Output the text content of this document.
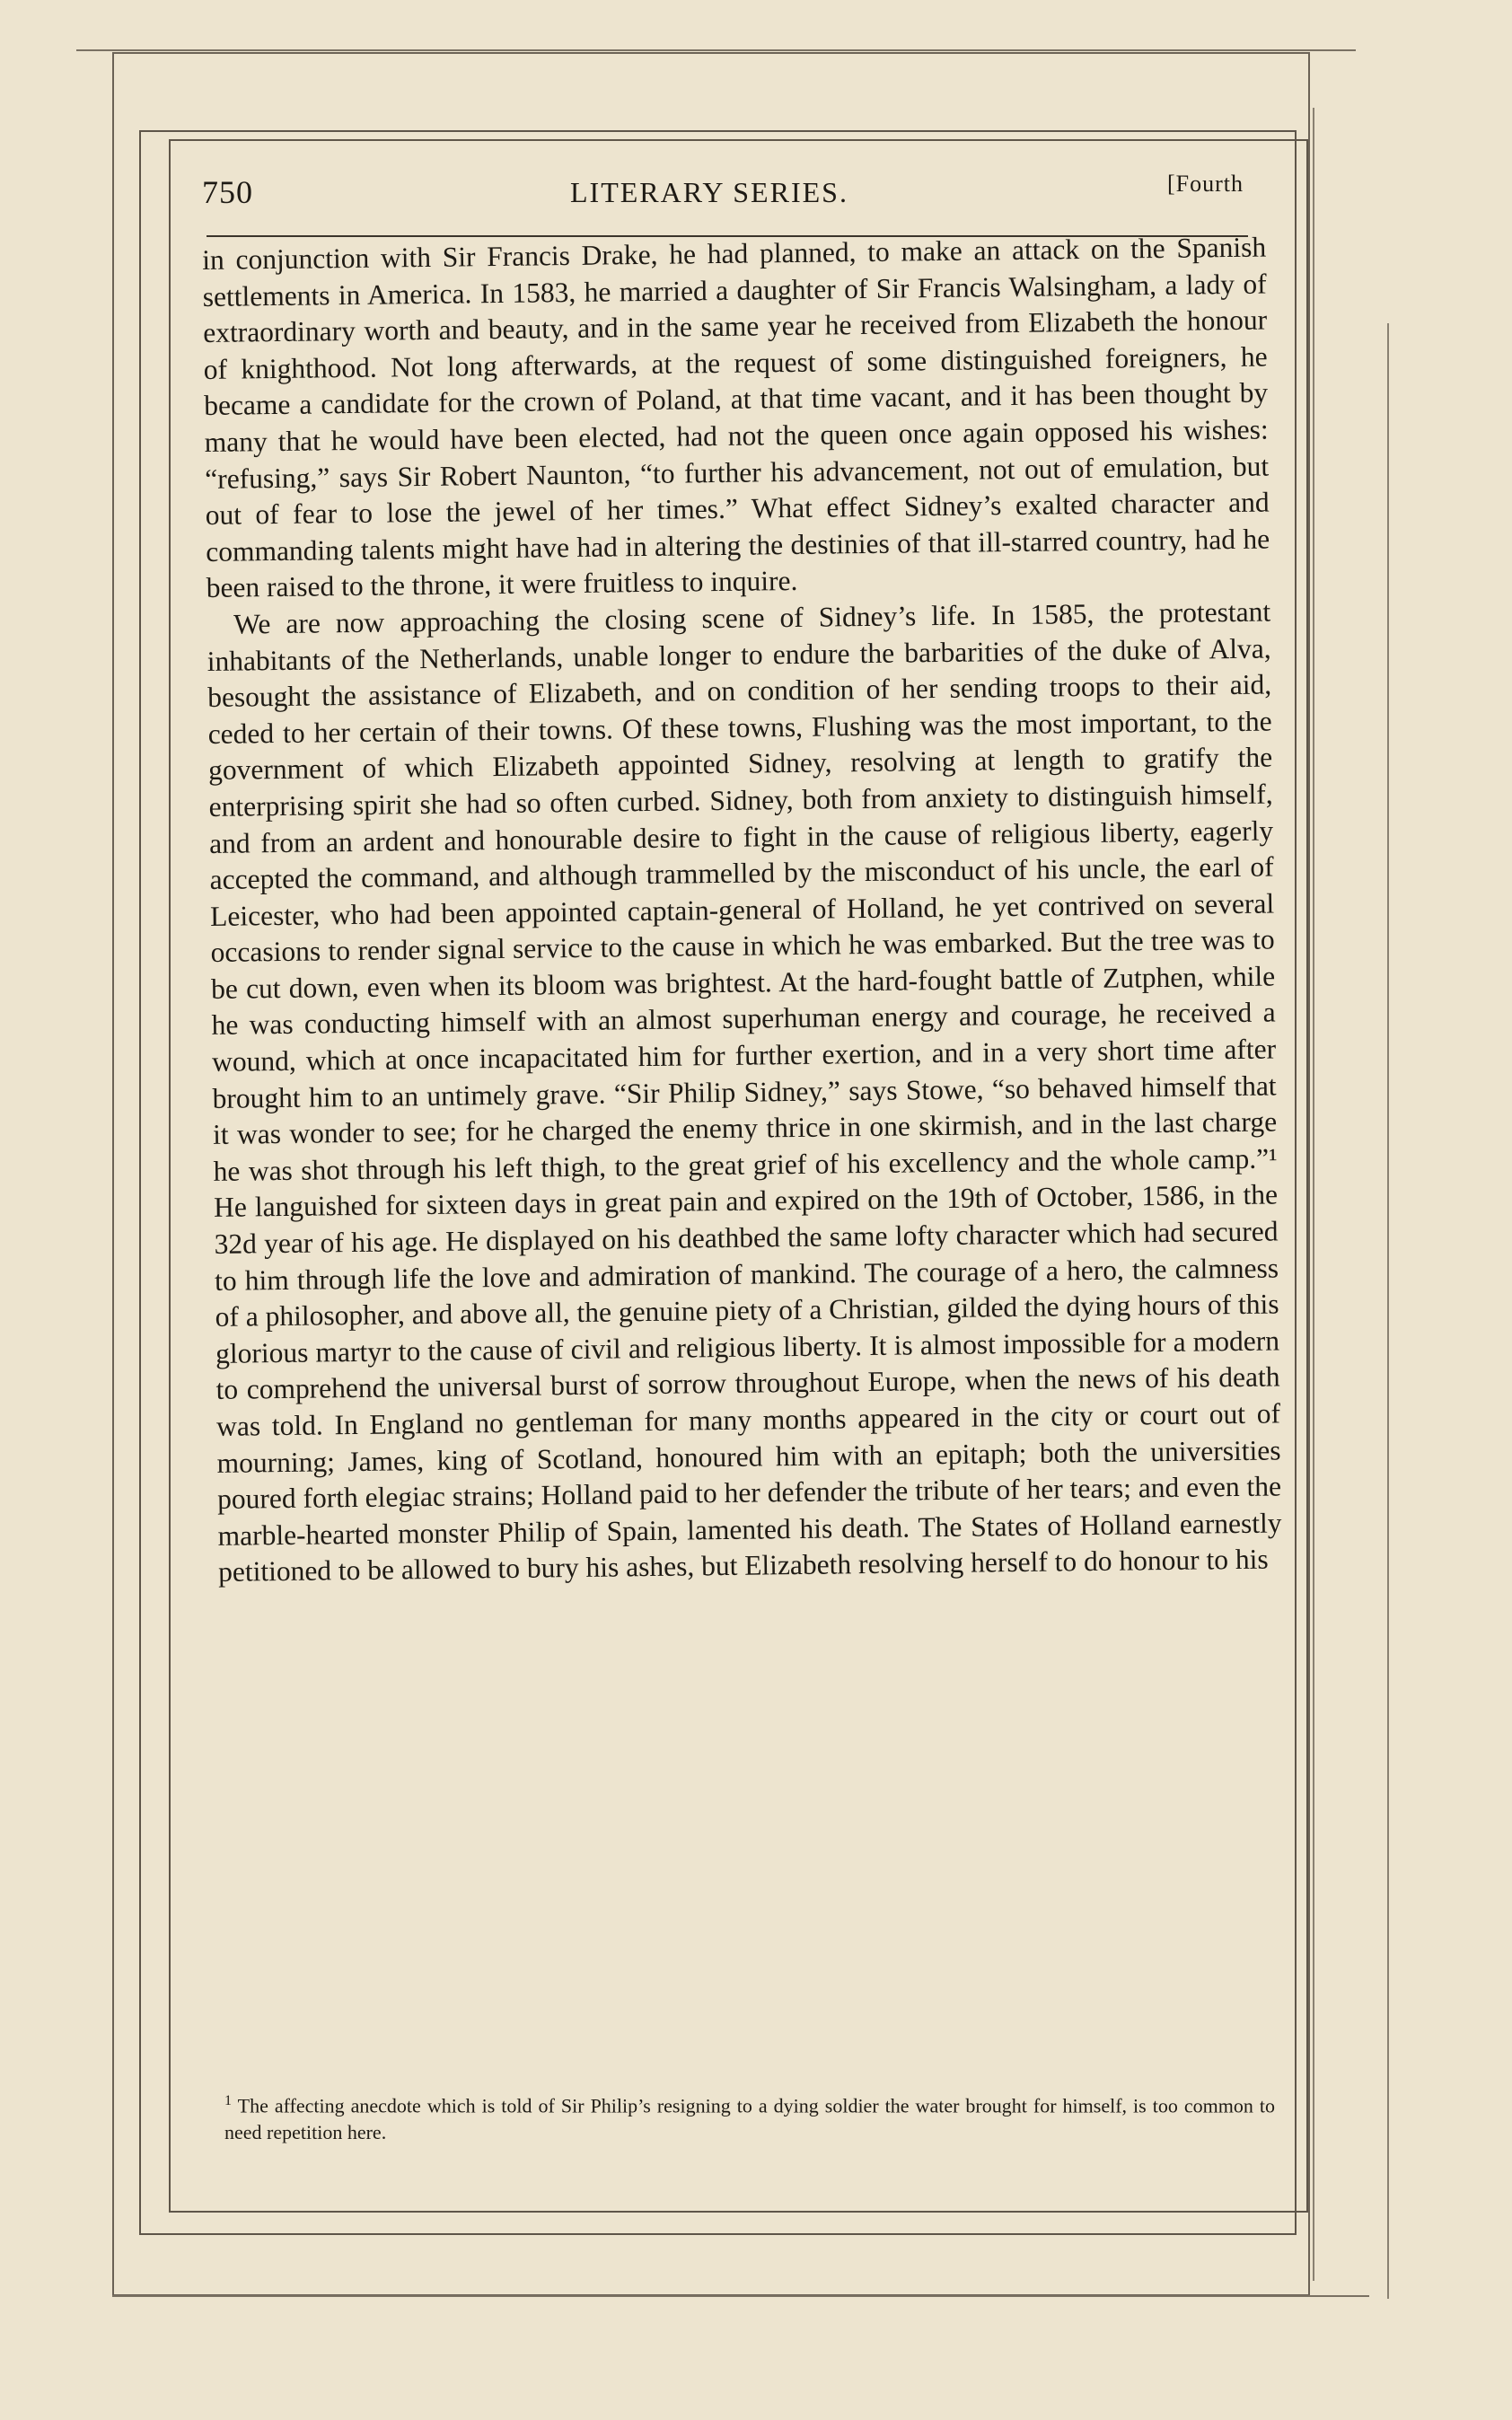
750	LITERARY SERIES.	[Fourth

in conjunction with Sir Francis Drake, he had planned, to make an attack on the Spanish settlements in America. In 1583, he married a daughter of Sir Francis Walsingham, a lady of extraordinary worth and beauty, and in the same year he received from Elizabeth the honour of knighthood. Not long afterwards, at the request of some distinguished foreigners, he became a candidate for the crown of Poland, at that time vacant, and it has been thought by many that he would have been elected, had not the queen once again opposed his wishes: “refusing,” says Sir Robert Naunton, “to further his advancement, not out of emulation, but out of fear to lose the jewel of her times.” What effect Sidney’s exalted character and commanding talents might have had in altering the destinies of that ill-starred country, had he been raised to the throne, it were fruitless to inquire.

We are now approaching the closing scene of Sidney’s life. In 1585, the protestant inhabitants of the Netherlands, unable longer to endure the barbarities of the duke of Alva, besought the assistance of Elizabeth, and on condition of her sending troops to their aid, ceded to her certain of their towns. Of these towns, Flushing was the most important, to the government of which Elizabeth appointed Sidney, resolving at length to gratify the enterprising spirit she had so often curbed. Sidney, both from anxiety to distinguish himself, and from an ardent and honourable desire to fight in the cause of religious liberty, eagerly accepted the command, and although trammelled by the misconduct of his uncle, the earl of Leicester, who had been appointed captain-general of Holland, he yet contrived on several occasions to render signal service to the cause in which he was embarked. But the tree was to be cut down, even when its bloom was brightest. At the hard-fought battle of Zutphen, while he was conducting himself with an almost superhuman energy and courage, he received a wound, which at once incapacitated him for further exertion, and in a very short time after brought him to an untimely grave. “Sir Philip Sidney,” says Stowe, “so behaved himself that it was wonder to see; for he charged the enemy thrice in one skirmish, and in the last charge he was shot through his left thigh, to the great grief of his excellency and the whole camp.”¹ He languished for sixteen days in great pain and expired on the 19th of October, 1586, in the 32d year of his age. He displayed on his deathbed the same lofty character which had secured to him through life the love and admiration of mankind. The courage of a hero, the calmness of a philosopher, and above all, the genuine piety of a Christian, gilded the dying hours of this glorious martyr to the cause of civil and religious liberty. It is almost impossible for a modern to comprehend the universal burst of sorrow throughout Europe, when the news of his death was told. In England no gentleman for many months appeared in the city or court out of mourning; James, king of Scotland, honoured him with an epitaph; both the universities poured forth elegiac strains; Holland paid to her defender the tribute of her tears; and even the marble-hearted monster Philip of Spain, lamented his death. The States of Holland earnestly petitioned to be allowed to bury his ashes, but Elizabeth resolving herself to do honour to his

$^1$ The affecting anecdote which is told of Sir Philip’s resigning to a dying soldier the water brought for himself, is too common to need repetition here.
